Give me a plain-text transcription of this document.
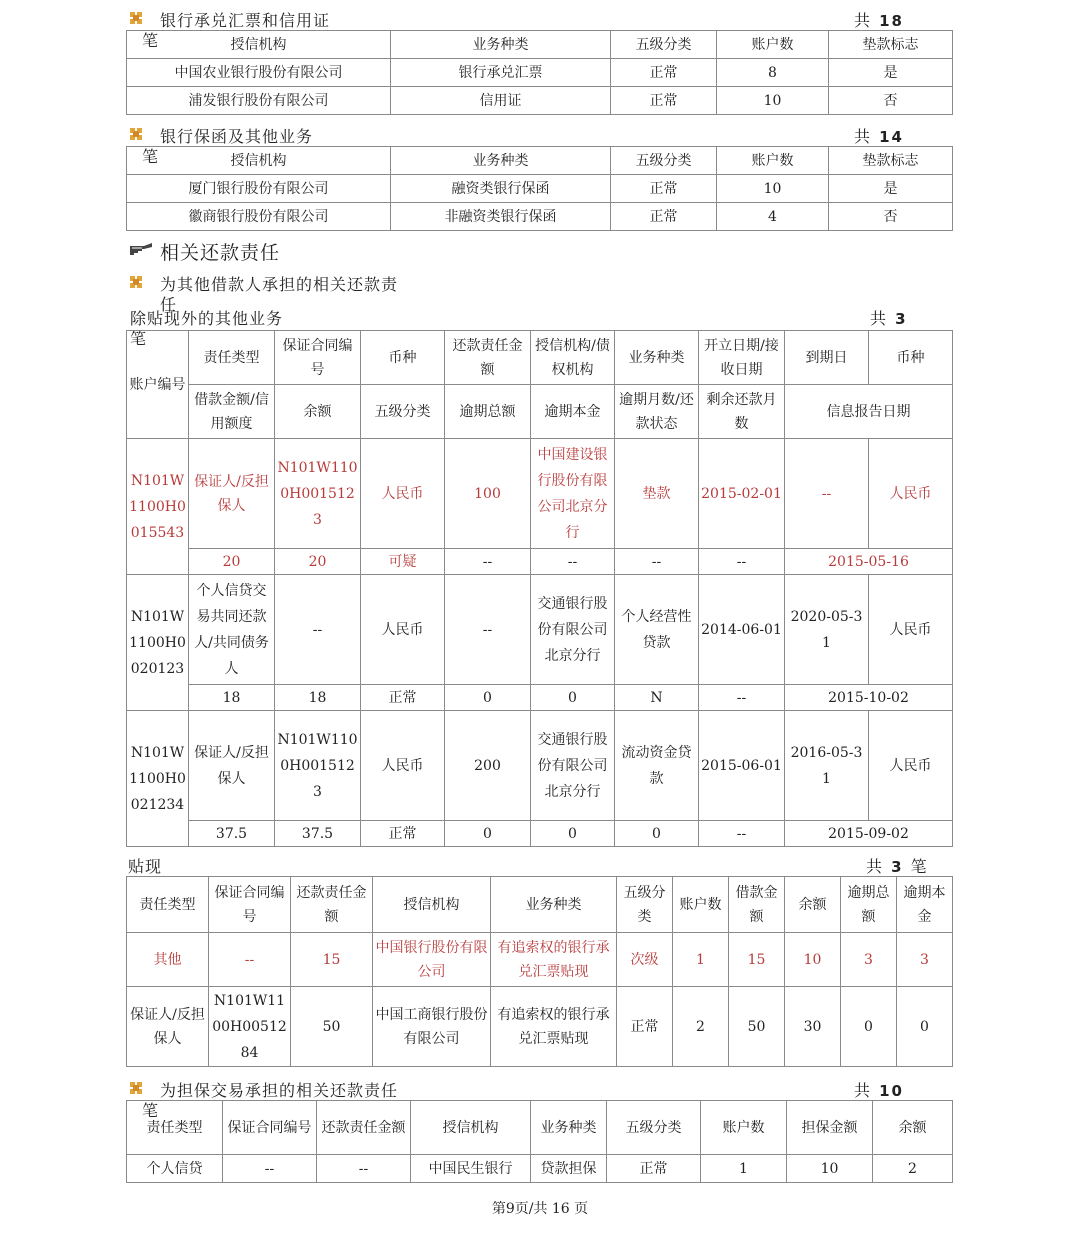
银行承兑汇票和信用证	共 18
笔	授信机构	业务种类	五级分类	账户数	垫款标志
中国农业银行股份有限公司	银行承兑汇票	正常	8	是
浦发银行股份有限公司	信用证	正常	10	否
银行保函及其他业务	共 14
笔	授信机构	业务种类	五级分类	账户数	垫款标志
厦门银行股份有限公司	融资类银行保函	正常	10	是
徽商银行股份有限公司	非融资类银行保函	正常	4	否
相关还款责任
为其他借款人承担的相关还款责
任
除贴现外的其他业务	共 3
笔
账户编号	责任类型	保证合同编号	币种	还款责任金额	授信机构/债权机构	业务种类	开立日期/接收日期	到期日	币种
	借款金额/信用额度	余额	五级分类	逾期总额	逾期本金	逾期月数/还款状态	剩余还款月数	信息报告日期	
N101W1100H0015543	保证人/反担保人	N101W1100H0015123	人民币	100	中国建设银行股份有限公司北京分行	垫款	2015-02-01	--	人民币
	20	20	可疑	--	--	--	--	2015-05-16	
N101W1100H0020123	个人信贷交易共同还款人/共同债务人	--	人民币	--	交通银行股份有限公司北京分行	个人经营性贷款	2014-06-01	2020-05-31	人民币
	18	18	正常	0	0	N	--	2015-10-02	
N101W1100H0021234	保证人/反担保人	N101W1100H0015123	人民币	200	交通银行股份有限公司北京分行	流动资金贷款	2015-06-01	2016-05-31	人民币
	37.5	37.5	正常	0	0	0	--	2015-09-02	
贴现	共 3 笔
责任类型	保证合同编号	还款责任金额	授信机构	业务种类	五级分类	账户数	借款金额	余额	逾期总额	逾期本金
其他	--	15	中国银行股份有限公司	有追索权的银行承兑汇票贴现	次级	1	15	10	3	3
保证人/反担保人	N101W1100H0051284	50	中国工商银行股份有限公司	有追索权的银行承兑汇票贴现	正常	2	50	30	0	0
为担保交易承担的相关还款责任	共 10
笔
责任类型	保证合同编号	还款责任金额	授信机构	业务种类	五级分类	账户数	担保金额	余额
个人信贷	--	--	中国民生银行	贷款担保	正常	1	10	2
第9页/共 16 页
